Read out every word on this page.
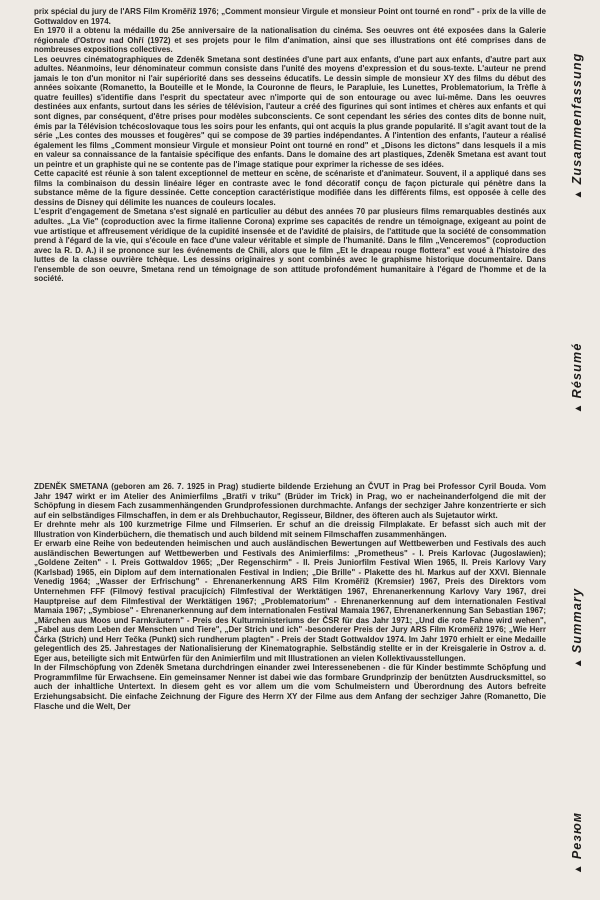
prix spécial du jury de l'ARS Film Kroměříž 1976; „Comment monsieur Virgule et monsieur Point ont tourné en rond" - prix de la ville de Gottwaldov en 1974.

En 1970 il a obtenu la médaille du 25e anniversaire de la nationalisation du cinéma. Ses oeuvres ont été exposées dans la Galerie régionale d'Ostrov nad Ohří (1972) et ses projets pour le film d'animation, ainsi que ses illustrations ont été comprises dans de nombreuses expositions collectives.

Les oeuvres cinématographiques de Zdeněk Smetana sont destinées d'une part aux enfants, d'une part aux enfants, d'autre part aux adultes. Néanmoins, leur dénominateur commun consiste dans l'unité des moyens d'expression et du sous-texte. L'auteur ne prend jamais le ton d'un monitor ni l'air supériorité dans ses desseins éducatifs. Le dessin simple de monsieur XY des films du début des années soixante (Romanetto, la Bouteille et le Monde, la Couronne de fleurs, le Parapluie, les Lunettes, Problematorium, la Trèfle à quatre feuilles) s'identifie dans l'esprit du spectateur avec n'importe qui de son entourage ou avec lui-même. Dans les oeuvres destinées aux enfants, surtout dans les séries de télévision, l'auteur a créé des figurines qui sont intimes et chères aux enfants et qui sont dignes, par conséquent, d'être prises pour modèles subconscients. Ce sont cependant les séries des contes dits de bonne nuit, émis par la Télévision tchécoslovaque tous les soirs pour les enfants, qui ont acquis la plus grande popularité. Il s'agit avant tout de la série „Les contes des mousses et fougères" qui se compose de 39 parties indépendantes. A l'intention des enfants, l'auteur a réalisé également les films „Comment monsieur Virgule et monsieur Point ont tourné en rond" et „Disons les dictons" dans lesquels il a mis en valeur sa connaissance de la fantaisie spécifique des enfants. Dans le domaine des art plastiques, Zdeněk Smetana est avant tout un peintre et un graphiste qui ne se contente pas de l'image statique pour exprimer la richesse de ses idées.

Cette capacité est réunie à son talent exceptionnel de metteur en scène, de scénariste et d'animateur. Souvent, il a appliqué dans ses films la combinaison du dessin linéaire léger en contraste avec le fond décoratif conçu de façon picturale qui pénètre dans la substance même de la figure dessinée. Cette conception caractéristique modifiée dans les différents films, est opposée à celle des dessins de Disney qui délimite les nuances de couleurs locales.

L'esprit d'engagement de Smetana s'est signalé en particulier au début des années 70 par plusieurs films remarquables destinés aux adultes. „La Vie" (coproduction avec la firme italienne Corona) exprime ses capacités de rendre un témoignage, exigeant au point de vue artistique et affreusement véridique de la cupidité insensée et de l'avidité de plaisirs, de l'attitude que la société de consommation prend à l'égard de la vie, qui s'écoule en face d'une valeur véritable et simple de l'humanité. Dans le film „Venceremos" (coproduction avec la R. D. A.) il se prononce sur les événements de Chili, alors que le film „Et le drapeau rouge flottera" est voué à l'histoire des luttes de la classe ouvrière tchèque. Les dessins originaires y sont combinés avec le graphisme historique documentaire. Dans l'ensemble de son oeuvre, Smetana rend un témoignage de son attitude profondément humanitaire à l'égard de l'homme et de la société.

ZDENĚK SMETANA (geboren am 26. 7. 1925 in Prag) studierte bildende Erziehung an ČVUT in Prag bei Professor Cyril Bouda. Vom Jahr 1947 wirkt er im Atelier des Animierfilms „Bratři v triku" (Brüder im Trick) in Prag, wo er nacheinanderfolgend die mit der Schöpfung in diesem Fach zusammenhängenden Grundprofessionen durchmachte. Anfangs der sechziger Jahre konzentrierte er sich auf ein selbständiges Filmschaffen, in dem er als Drehbuchautor, Regisseur, Bildner, des öfteren auch als Sujetautor wirkt.

Er drehnte mehr als 100 kurzmetrige Filme und Filmserien. Er schuf an die dreissig Filmplakate. Er befasst sich auch mit der Illustration von Kinderbüchern, die thematisch und auch bildend mit seinem Filmschaffen zusammenhängen.

Er erwarb eine Reihe von bedeutenden heimischen und auch ausländischen Bewertungen auf Wettbewerben und Festivals des auch ausländischen Bewertungen auf Wettbewerben und Festivals des Animierfilms: „Prometheus" - I. Preis Karlovac (Jugoslawien); „Goldene Zeiten" - I. Preis Gottwaldov 1965; „Der Regenschirm" - II. Preis Juniorfilm Festival Wien 1965, II. Preis Karlovy Vary (Karlsbad) 1965, ein Diplom auf dem internationalen Festival in Indien; „Die Brille" - Plakette des hl. Markus auf der XXVI. Biennale Venedig 1964; „Wasser der Erfrischung" - Ehrenanerkennung ARS Film Kroměříž (Kremsier) 1967, Preis des Direktors vom Unternehmen FFF (Filmový festival pracujících) Filmfestival der Werktätigen 1967, Ehrenanerkennung Karlovy Vary 1967, drei Hauptpreise auf dem Filmfestival der Werktätigen 1967; „Problematorium" - Ehrenanerkennung auf dem internationalen Festival Mamaia 1967; „Symbiose" - Ehrenanerkennung auf dem internationalen Festival Mamaia 1967, Ehrenanerkennung San Sebastian 1967; „Märchen aus Moos und Farnkräutern" - Preis des Kulturministeriums der ČSR für das Jahr 1971; „Und die rote Fahne wird wehen", „Fabel aus dem Leben der Menschen und Tiere", „Der Strich und ich" -besonderer Preis der Jury ARS Film Kroměříž 1976; „Wie Herr Čárka (Strich) und Herr Tečka (Punkt) sich rundherum plagten" - Preis der Stadt Gottwaldov 1974. Im Jahr 1970 erhielt er eine Medaille gelegentlich des 25. Jahrestages der Nationalisierung der Kinematographie. Selbständig stellte er in der Kreisgalerie in Ostrov a. d. Eger aus, beteiligte sich mit Entwürfen für den Animierfilm und mit Illustrationen an vielen Kollektivausstellungen.

In der Filmschöpfung von Zdeněk Smetana durchdringen einander zwei Interessenebenen - die für Kinder bestimmte Schöpfung und Programmfilme für Erwachsene. Ein gemeinsamer Nenner ist dabei wie das formbare Grundprinzip der benützten Ausdrucksmittel, so auch der inhaltliche Untertext. In diesem geht es vor allem um die vom Schulmeistern und Überordnung des Autors befreite Erziehungsabsicht. Die einfache Zeichnung der Figure des Herrn XY der Filme aus dem Anfang der sechziger Jahre (Romanetto, Die Flasche und die Welt, Der

▲Zusammenfassung
▲Résumé
▲Summary
▲Резюм
